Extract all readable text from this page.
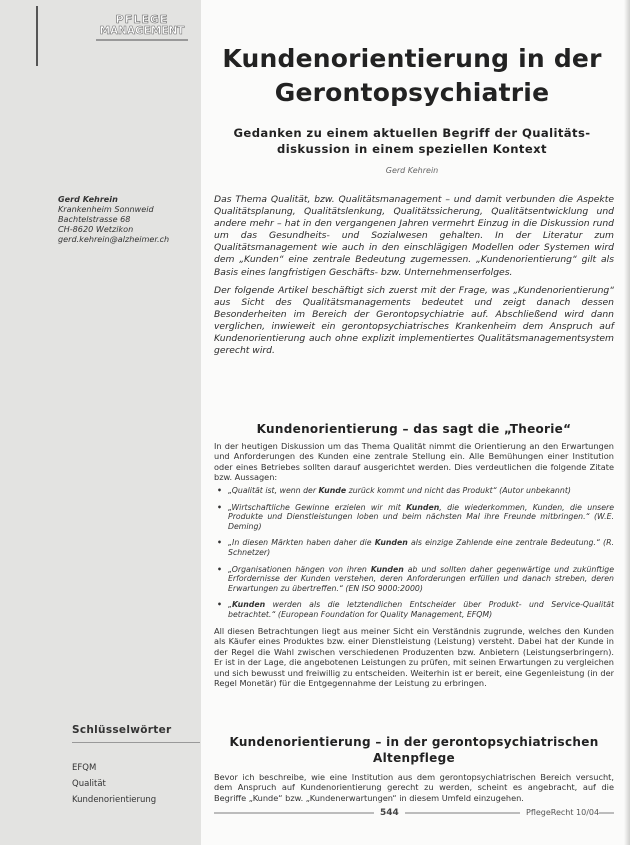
PFLEGE
MANAGEMENT
Kundenorientierung in der Gerontopsychiatrie
Gedanken zu einem aktuellen Begriff der Qualitäts-diskussion in einem speziellen Kontext
Gerd Kehrein
Gerd Kehrein
Krankenheim Sonnweid
Bachtelstrasse 68
CH-8620 Wetzikon
gerd.kehrein@alzheimer.ch

Das Thema Qualität, bzw. Qualitätsmanagement – und damit verbunden die Aspekte Qualitätsplanung, Qualitätslenkung, Qualitätssicherung, Qualitätsentwicklung und andere mehr – hat in den vergangenen Jahren vermehrt Einzug in die Diskussion rund um das Gesundheits- und Sozialwesen gehalten. In der Literatur zum Qualitätsmanagement wie auch in den einschlägigen Modellen oder Systemen wird dem „Kunden“ eine zentrale Bedeutung zugemessen. „Kundenorientierung“ gilt als Basis eines langfristigen Geschäfts- bzw. Unternehmenserfolges.

Der folgende Artikel beschäftigt sich zuerst mit der Frage, was „Kundenorientierung“ aus Sicht des Qualitätsmanagements bedeutet und zeigt danach dessen Besonderheiten im Bereich der Gerontopsychiatrie auf. Abschließend wird dann verglichen, inwieweit ein gerontopsychiatrisches Krankenheim dem Anspruch auf Kundenorientierung auch ohne explizit implementiertes Qualitätsmanagementsystem gerecht wird.

Kundenorientierung – das sagt die „Theorie“
In der heutigen Diskussion um das Thema Qualität nimmt die Orientierung an den Erwartungen und Anforderungen des Kunden eine zentrale Stellung ein. Alle Bemühungen einer Institution oder eines Betriebes sollten darauf ausgerichtet werden. Dies verdeutlichen die folgende Zitate bzw. Aussagen:
• „Qualität ist, wenn der Kunde zurück kommt und nicht das Produkt“ (Autor unbekannt)
• „Wirtschaftliche Gewinne erzielen wir mit Kunden, die wiederkommen, Kunden, die unsere Produkte und Dienstleistungen loben und beim nächsten Mal ihre Freunde mitbringen.“ (W.E. Deming)
• „In diesen Märkten haben daher die Kunden als einzige Zahlende eine zentrale Bedeutung.“ (R. Schnetzer)
• „Organisationen hängen von ihren Kunden ab und sollten daher gegenwärtige und zukünftige Erfordernisse der Kunden verstehen, deren Anforderungen erfüllen und danach streben, deren Erwartungen zu übertreffen.“ (EN ISO 9000:2000)
• „Kunden werden als die letztendlichen Entscheider über Produkt- und Service-Qualität betrachtet.“ (European Foundation for Quality Management, EFQM)
All diesen Betrachtungen liegt aus meiner Sicht ein Verständnis zugrunde, welches den Kunden als Käufer eines Produktes bzw. einer Dienstleistung (Leistung) versteht. Dabei hat der Kunde in der Regel die Wahl zwischen verschiedenen Produzenten bzw. Anbietern (Leistungserbringern). Er ist in der Lage, die angebotenen Leistungen zu prüfen, mit seinen Erwartungen zu vergleichen und sich bewusst und freiwillig zu entscheiden. Weiterhin ist er bereit, eine Gegenleistung (in der Regel Monetär) für die Entgegennahme der Leistung zu erbringen.
Schlüsselwörter
EFQM
Qualität
Kundenorientierung
Kundenorientierung – in der gerontopsychiatrischen Altenpflege
Bevor ich beschreibe, wie eine Institution aus dem gerontopsychiatrischen Bereich versucht, dem Anspruch auf Kundenorientierung gerecht zu werden, scheint es angebracht, auf die Begriffe „Kunde“ bzw. „Kundenerwartungen“ in diesem Umfeld einzugehen.
544	PflegeRecht 10/04
